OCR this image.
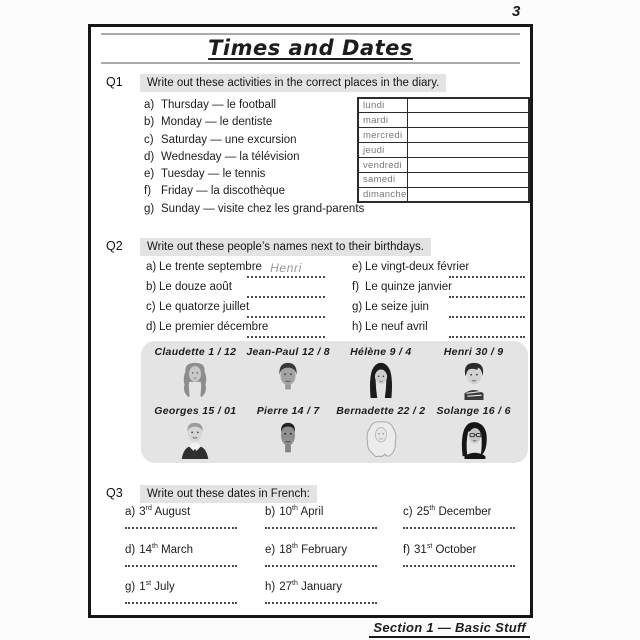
3
Times and Dates
Q1 Write out these activities in the correct places in the diary.
a) Thursday — le football
b) Monday — le dentiste
c) Saturday — une excursion
d) Wednesday — la télévision
e) Tuesday — le tennis
f) Friday — la discothèque
g) Sunday — visite chez les grand-parents
lundi	
mardi	
mercredi	
jeudi	
vendredi	
samedi	
dimanche	
Q2 Write out these people’s names next to their birthdays.
a) Le trente septembre Henri
b) Le douze août
c) Le quatorze juillet
d) Le premier décembre
e) Le vingt-deux février
f) Le quinze janvier
g) Le seize juin
h) Le neuf avril
Claudette 1 / 12 Jean-Paul 12 / 8	Hélène 9 / 4	Henri 30 / 9
Georges 15 / 01	Pierre 14 / 7	Bernadette 22 / 2	Solange 16 / 6
Q3 Write out these dates in French:
a) 3rd August	b) 10th April	c) 25th December
d) 14th March	e) 18th February	f) 31st October
g) 1st July	h) 27th January
Section 1 — Basic Stuff
